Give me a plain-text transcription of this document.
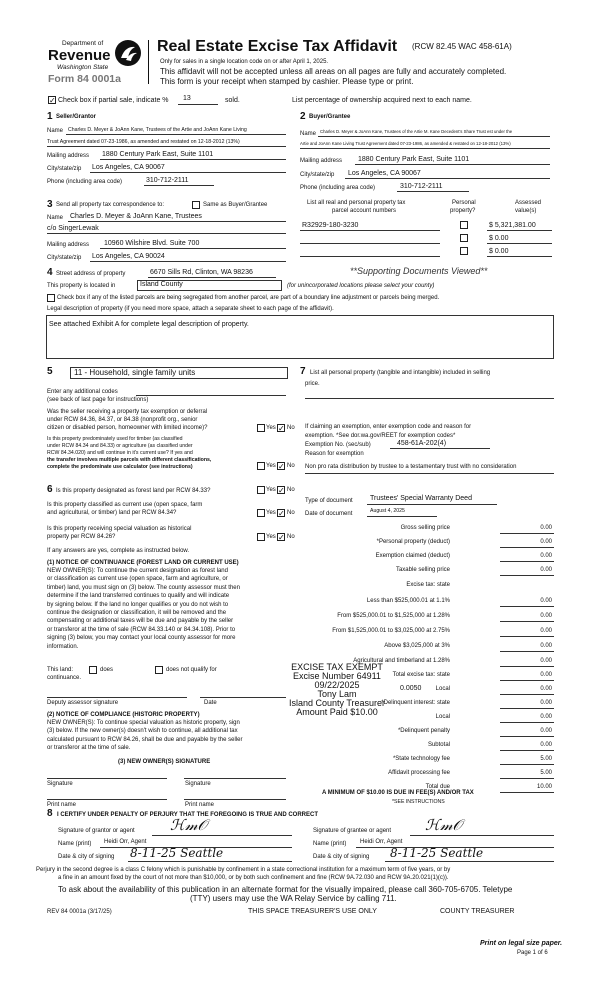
Department of
Revenue
Washington State
Form 84 0001a
Real Estate Excise Tax Affidavit (RCW 82.45 WAC 458-61A)
Only for sales in a single location code on or after April 1, 2025.
This affidavit will not be accepted unless all areas on all pages are fully and accurately completed.
This form is your receipt when stamped by cashier. Please type or print.
✓ Check box if partial sale, indicate % 13	sold.	List percentage of ownership acquired next to each name.
1 Seller/Grantor
Name Charles D. Meyer & JoAnn Kane, Trustees of the Artie and JoAnn Kane Living
Trust Agreement dated 07-23-1986, as amended and restated on 12-18-2012 (13%)
Mailing address 1880 Century Park East, Suite 1101
City/state/zip Los Angeles, CA 90067
Phone (including area code)	310-712-2111
2 Buyer/Grantee
Name Charles D. Meyer & JoAnn Kane, Trustees of the Artie M. Kane Decedent's Share Trust est under the
Artie and JoAnn Kane Living Trust Agreement dated 07-23-1986, as amended & restated on 12-18-2012 (13%)
Mailing address 1880 Century Park East, Suite 1101
City/state/zip Los Angeles, CA 90067
Phone (including area code)	310-712-2111
3 Send all property tax correspondence to:	Same as Buyer/Grantee
Name Charles D. Meyer & JoAnn Kane, Trustees
c/o SingerLewak
Mailing address 10960 Wilshire Blvd. Suite 700
City/state/zip Los Angeles, CA 90024
List all real and personal property tax
parcel account numbers
Personal
property?
Assessed
value(s)
R32929-180-3230	$ 5,321,381.00
$ 0.00
$ 0.00
4 Street address of property	6670 Sills Rd, Clinton, WA 98236	**Supporting Documents Viewed**
This property is located in	Island County	(for unincorporated locations please select your county)
Check box if any of the listed parcels are being segregated from another parcel, are part of a boundary line adjustment or parcels being merged.
Legal description of property (if you need more space, attach a separate sheet to each page of the affidavit).
See attached Exhibit A for complete legal description of property.
5	11 - Household, single family units
Enter any additional codes
(see back of last page for instructions)
Was the seller receiving a property tax exemption or deferral
under RCW 84.36, 84.37, or 84.38 (nonprofit org., senior
citizen or disabled person, homeowner with limited income)?	Yes ✓ No
Is this property predominately used for timber (as classified
under RCW 84.34 and 84.33) or agriculture (as classified under
RCW 84.34.020) and will continue in it's current use? If yes and
the transfer involves multiple parcels with different classifications,
complete the predominate use calculator (see instructions)	Yes ✓ No
6 Is this property designated as forest land per RCW 84.33?	Yes ✓ No
Is this property classified as current use (open space, farm
and agricultural, or timber) land per RCW 84.34?	Yes ✓ No
Is this property receiving special valuation as historical
property per RCW 84.26?	Yes ✓ No
If any answers are yes, complete as instructed below.
(1) NOTICE OF CONTINUANCE (FOREST LAND OR CURRENT USE)
NEW OWNER(S): To continue the current designation as forest land
or classification as current use (open space, farm and agriculture, or
timber) land, you must sign on (3) below. The county assessor must then
determine if the land transferred continues to qualify and will indicate
by signing below. If the land no longer qualifies or you do not wish to
continue the designation or classification, it will be removed and the
compensating or additional taxes will be due and payable by the seller
or transferor at the time of sale (RCW 84.33.140 or 84.34.108). Prior to
signing (3) below, you may contact your local county assessor for more
information.
This land:	does	does not qualify for
continuance.
Deputy assessor signature	Date
(2) NOTICE OF COMPLIANCE (HISTORIC PROPERTY)
NEW OWNER(S): To continue special valuation as historic property, sign
(3) below. If the new owner(s) doesn't wish to continue, all additional tax
calculated pursuant to RCW 84.26, shall be due and payable by the seller
or transferor at the time of sale.
(3) NEW OWNER(S) SIGNATURE
Signature	Signature
Print name	Print name
EXCISE TAX EXEMPT
Excise Number 64911
09/22/2025
Tony Lam
Island County Treasurer
Amount Paid $10.00
7 List all personal property (tangible and intangible) included in selling
price.
If claiming an exemption, enter exemption code and reason for
exemption. *See dor.wa.gov/REET for exemption codes*
Exemption No. (sec/sub)	458-61A-202(4)
Reason for exemption
Non pro rata distribution by trustee to a testamentary trust with no consideration
Type of document Trustees' Special Warranty Deed
Date of document	August 4, 2025
Gross selling price	0.00
*Personal property (deduct)	0.00
Exemption claimed (deduct)	0.00
Taxable selling price	0.00
Excise tax: state
Less than $525,000.01 at 1.1%	0.00
From $525,000.01 to $1,525,000 at 1.28%	0.00
From $1,525,000.01 to $3,025,000 at 2.75%	0.00
Above $3,025,000 at 3%	0.00
Agricultural and timberland at 1.28%	0.00
Total excise tax: state	0.00
0.0050 Local	0.00
*Delinquent interest: state	0.00
Local	0.00
*Delinquent penalty	0.00
Subtotal	0.00
*State technology fee	5.00
Affidavit processing fee	5.00
Total due	10.00
A MINIMUM OF $10.00 IS DUE IN FEE(S) AND/OR TAX
*SEE INSTRUCTIONS
8 I CERTIFY UNDER PENALTY OF PERJURY THAT THE FOREGOING IS TRUE AND CORRECT
Signature of grantor or agent ℋ𝓂𝒪	Signature of grantee or agent ℋ𝓂𝒪
Name (print) Heidi Orr, Agent	Name (print) Heidi Orr, Agent
Date & city of signing 8-11-25 Seattle	Date & city of signing 8-11-25 Seattle
Perjury in the second degree is a class C felony which is punishable by confinement in a state correctional institution for a maximum term of five years, or by
a fine in an amount fixed by the court of not more than $10,000, or by both such confinement and fine (RCW 9A.72.030 and RCW 9A.20.021(1)(c)).
To ask about the availability of this publication in an alternate format for the visually impaired, please call 360-705-6705. Teletype
(TTY) users may use the WA Relay Service by calling 711.
REV 84 0001a (3/17/25)	THIS SPACE TREASURER'S USE ONLY	COUNTY TREASURER
Print on legal size paper.
Page 1 of 6
